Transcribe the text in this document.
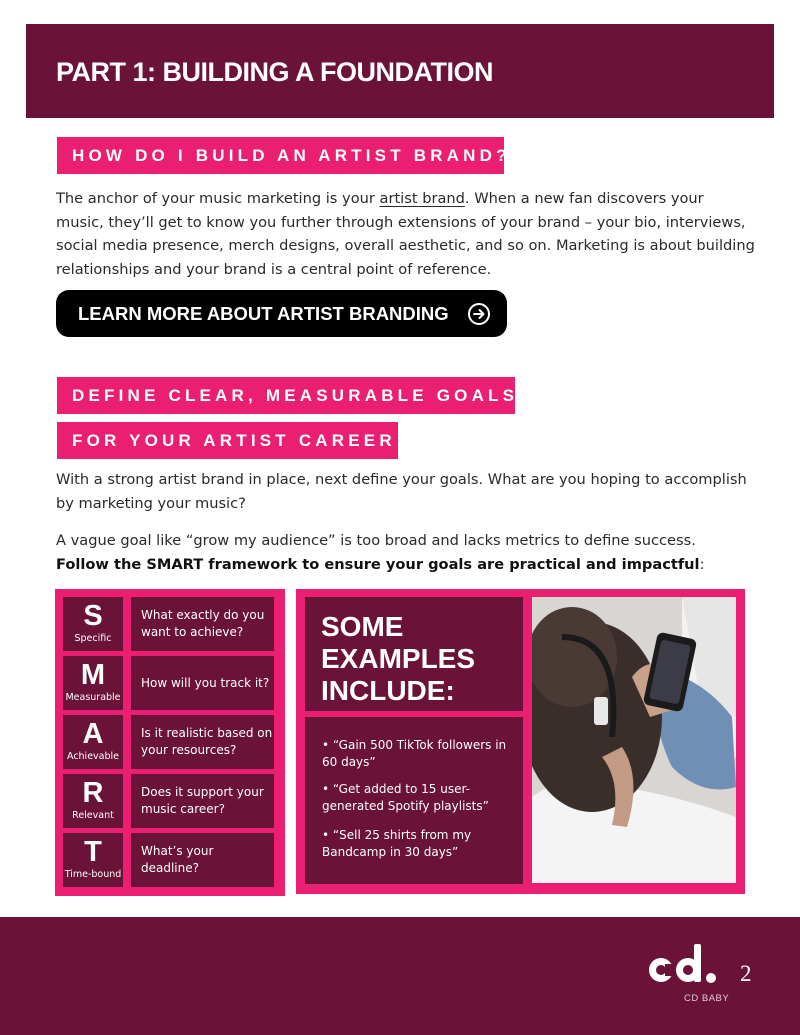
PART 1: BUILDING A FOUNDATION
HOW DO I BUILD AN ARTIST BRAND?
The anchor of your music marketing is your artist brand. When a new fan discovers your music, they’ll get to know you further through extensions of your brand – your bio, interviews, social media presence, merch designs, overall aesthetic, and so on. Marketing is about building relationships and your brand is a central point of reference.
LEARN MORE ABOUT ARTIST BRANDING
DEFINE CLEAR, MEASURABLE GOALS
FOR YOUR ARTIST CAREER
With a strong artist brand in place, next define your goals. What are you hoping to accomplish by marketing your music?
A vague goal like “grow my audience” is too broad and lacks metrics to define success.
Follow the SMART framework to ensure your goals are practical and impactful:
S
Specific
What exactly do you want to achieve?
M
Measurable
How will you track it?
A
Achievable
Is it realistic based on your resources?
R
Relevant
Does it support your music career?
T
Time-bound
What’s your deadline?
SOME EXAMPLES INCLUDE:
• “Gain 500 TikTok followers in 60 days”
• “Get added to 15 user-generated Spotify playlists”
• “Sell 25 shirts from my Bandcamp in 30 days”
CD BABY
2
